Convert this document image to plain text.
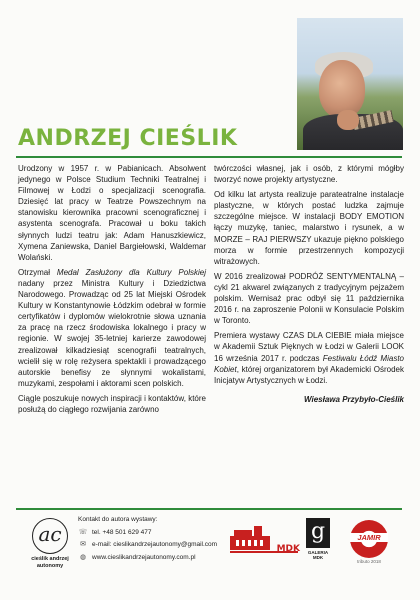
ANDRZEJ CIEŚLIK

Urodzony w 1957 r. w Pabianicach. Absolwent jedynego w Polsce Studium Techniki Teatralnej i Filmowej w Łodzi o specjalizacji scenografia. Dziesięć lat pracy w Teatrze Powszechnym na stanowisku kierownika pracowni scenograficznej i asystenta scenografa. Pracował u boku takich słynnych ludzi teatru jak: Adam Hanuszkiewicz, Xymena Zaniewska, Daniel Bargiełowski, Waldemar Wolański.

Otrzymał Medal Zasłużony dla Kultury Polskiej nadany przez Ministra Kultury i Dziedzictwa Narodowego. Prowadząc od 25 lat Miejski Ośrodek Kultury w Konstantynowie Łódzkim odebrał w formie certyfikatów i dyplomów wielokrotnie słowa uznania za pracę na rzecz środowiska lokalnego i pracy w regionie. W swojej 35-letniej karierze zawodowej zrealizował kilkadziesiąt scenografii teatralnych, wcielił się w rolę reżysera spektakli i prowadzącego autorskie benefisy ze słynnymi wokalistami, muzykami, zespołami i aktorami scen polskich.

Ciągle poszukuje nowych inspiracji i kontaktów, które posłużą do ciągłego rozwijania zarówno

twórczości własnej, jak i osób, z którymi mógłby tworzyć nowe projekty artystyczne.

Od kilku lat artysta realizuje parateatralne instalacje plastyczne, w których postać ludzka zajmuje szczególne miejsce. W instalacji BODY EMOTION łączy muzykę, taniec, malarstwo i rysunek, a w MORZE – RAJ PIERWSZY ukazuje piękno polskiego morza w formie przestrzennych kompozycji witrażowych.

W 2016 zrealizował PODRÓŻ SENTYMENTALNĄ – cykl 21 akwarel związanych z tradycyjnym pejzażem polskim. Wernisaż prac odbył się 11 października 2016 r. na zaproszenie Polonii w Konsulacie Polskim w Toronto.

Premiera wystawy CZAS DLA CIEBIE miała miejsce w Akademii Sztuk Pięknych w Łodzi w Galerii LOOK 16 września 2017 r. podczas Festiwalu Łódź Miasto Kobiet, której organizatorem był Akademicki Ośrodek Inicjatyw Artystycznych w Łodzi.

Wiesława Przybyło-Cieślik

ac
cieślik andrzej autonomy
Kontakt do autora wystawy:
☏ tel. +48 501 629 477
✉ e-mail: cieslikandrzejautonomy@gmail.com
◍ www.cieslikandrzejautonomy.com.pl
MDK
g
GALERIA MDK
JAMIR
tributo 2018
